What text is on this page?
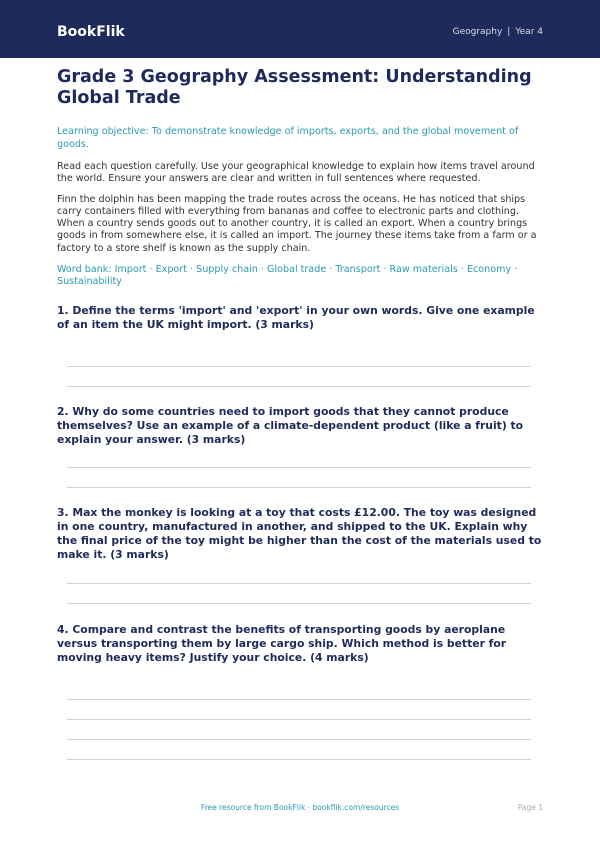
BookFlik	Geography | Year 4
Grade 3 Geography Assessment: Understanding Global Trade
Learning objective: To demonstrate knowledge of imports, exports, and the global movement of goods.
Read each question carefully. Use your geographical knowledge to explain how items travel around the world. Ensure your answers are clear and written in full sentences where requested.
Finn the dolphin has been mapping the trade routes across the oceans. He has noticed that ships carry containers filled with everything from bananas and coffee to electronic parts and clothing. When a country sends goods out to another country, it is called an export. When a country brings goods in from somewhere else, it is called an import. The journey these items take from a farm or a factory to a store shelf is known as the supply chain.
Word bank: Import · Export · Supply chain · Global trade · Transport · Raw materials · Economy · Sustainability
1. Define the terms 'import' and 'export' in your own words. Give one example of an item the UK might import. (3 marks)
2. Why do some countries need to import goods that they cannot produce themselves? Use an example of a climate-dependent product (like a fruit) to explain your answer. (3 marks)
3. Max the monkey is looking at a toy that costs £12.00. The toy was designed in one country, manufactured in another, and shipped to the UK. Explain why the final price of the toy might be higher than the cost of the materials used to make it. (3 marks)
4. Compare and contrast the benefits of transporting goods by aeroplane versus transporting them by large cargo ship. Which method is better for moving heavy items? Justify your choice. (4 marks)
Free resource from BookFlik · bookflik.com/resources	Page 1
